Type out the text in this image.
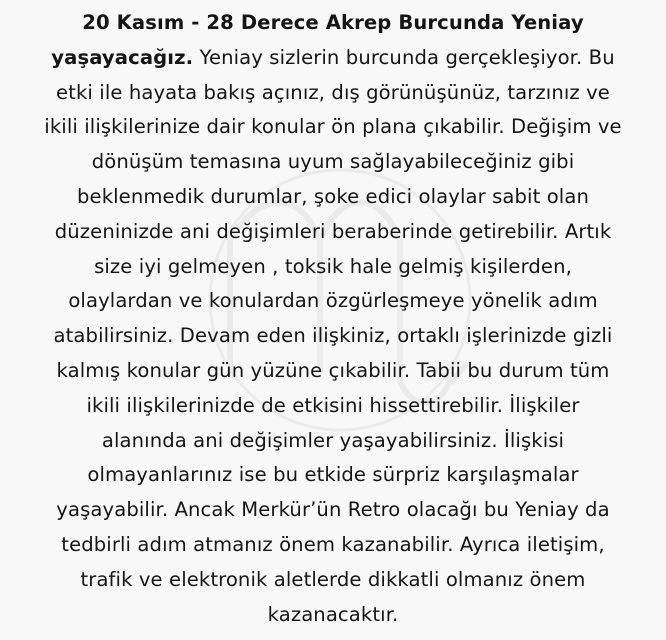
20 Kasım - 28 Derece Akrep Burcunda Yeniay
yaşayacağız. Yeniay sizlerin burcunda gerçekleşiyor. Bu
etki ile hayata bakış açınız, dış görünüşünüz, tarzınız ve
ikili ilişkilerinize dair konular ön plana çıkabilir. Değişim ve
dönüşüm temasına uyum sağlayabileceğiniz gibi
beklenmedik durumlar, şoke edici olaylar sabit olan
düzeninizde ani değişimleri beraberinde getirebilir. Artık
size iyi gelmeyen , toksik hale gelmiş kişilerden,
olaylardan ve konulardan özgürleşmeye yönelik adım
atabilirsiniz. Devam eden ilişkiniz, ortaklı işlerinizde gizli
kalmış konular gün yüzüne çıkabilir. Tabii bu durum tüm
ikili ilişkilerinizde de etkisini hissettirebilir. İlişkiler
alanında ani değişimler yaşayabilirsiniz. İlişkisi
olmayanlarınız ise bu etkide sürpriz karşılaşmalar
yaşayabilir. Ancak Merkür’ün Retro olacağı bu Yeniay da
tedbirli adım atmanız önem kazanabilir. Ayrıca iletişim,
trafik ve elektronik aletlerde dikkatli olmanız önem
kazanacaktır.
